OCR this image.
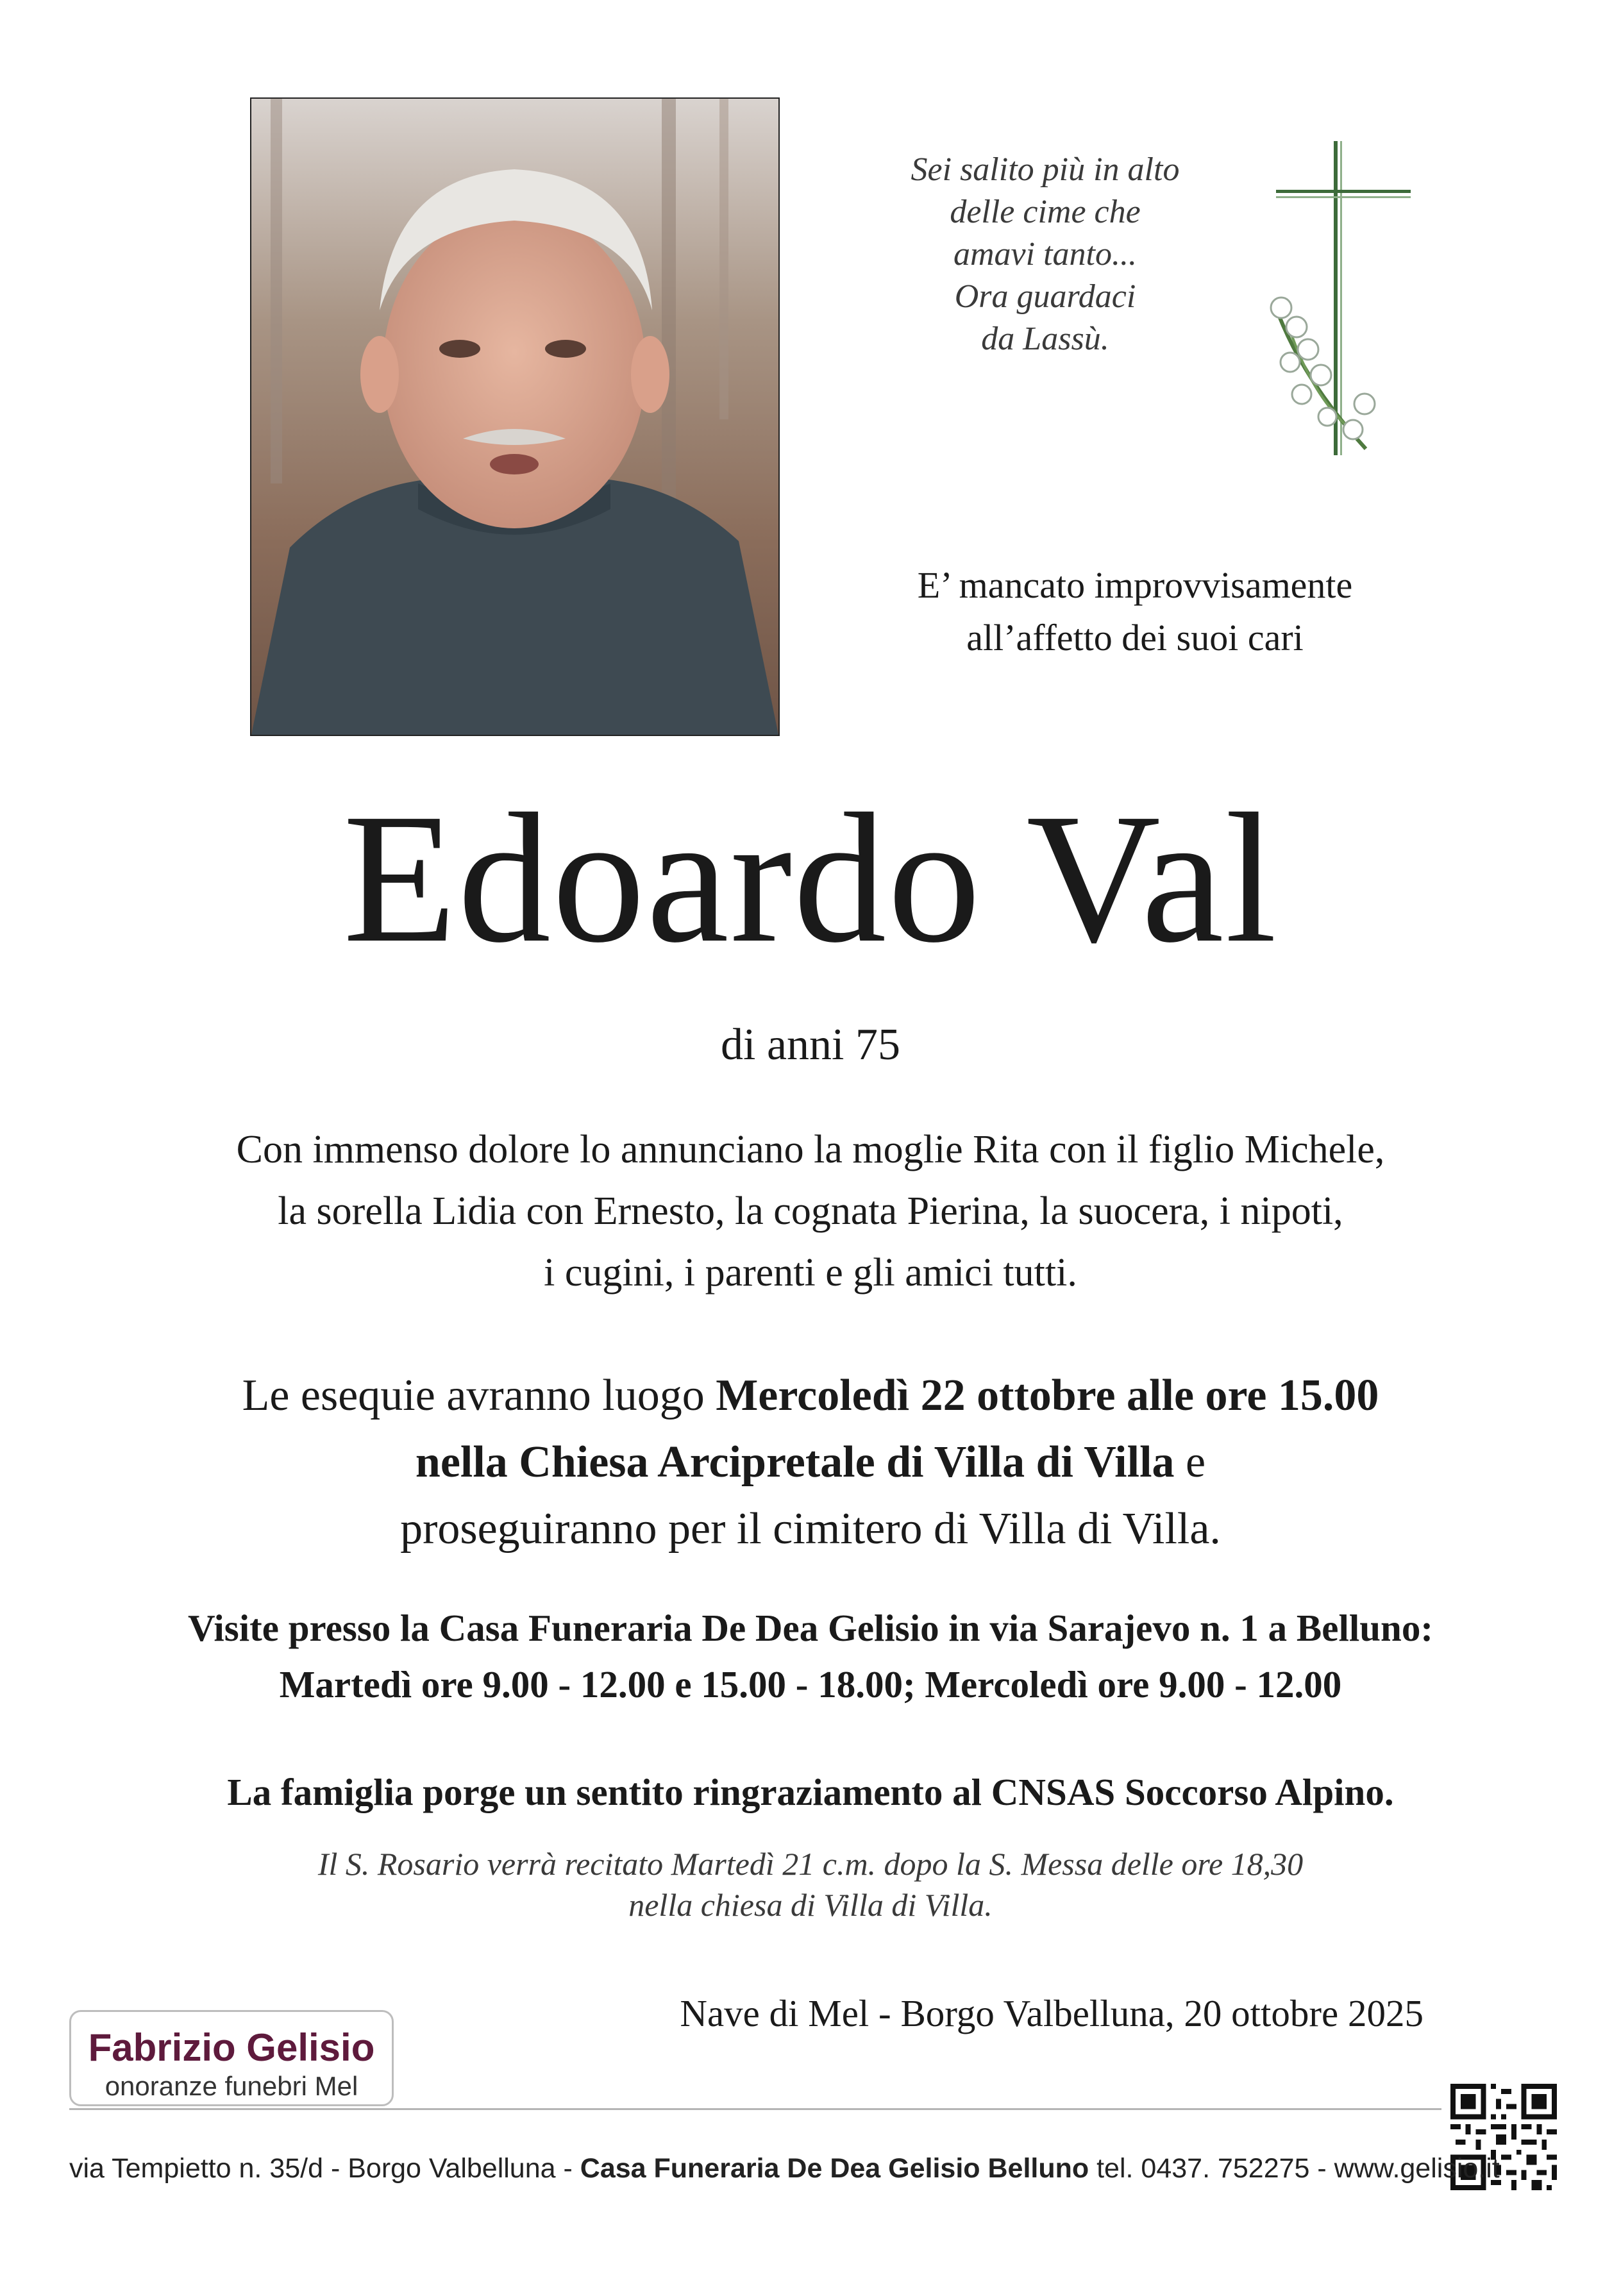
Sei salito più in alto
delle cime che
amavi tanto...
Ora guardaci
da Lassù.
E’ mancato improvvisamente
all’affetto dei suoi cari
Edoardo Val
di anni 75
Con immenso dolore lo annunciano la moglie Rita con il figlio Michele,
la sorella Lidia con Ernesto, la cognata Pierina, la suocera, i nipoti,
i cugini, i parenti e gli amici tutti.
Le esequie avranno luogo Mercoledì 22 ottobre alle ore 15.00
nella Chiesa Arcipretale di Villa di Villa e
proseguiranno per il cimitero di Villa di Villa.
Visite presso la Casa Funeraria De Dea Gelisio in via Sarajevo n. 1 a Belluno:
Martedì ore 9.00 - 12.00 e 15.00 - 18.00; Mercoledì ore 9.00 - 12.00
La famiglia porge un sentito ringraziamento al CNSAS Soccorso Alpino.
Il S. Rosario verrà recitato Martedì 21 c.m. dopo la S. Messa delle ore 18,30
nella chiesa di Villa di Villa.
Nave di Mel - Borgo Valbelluna, 20 ottobre 2025
Fabrizio Gelisio
onoranze funebri Mel
via Tempietto n. 35/d - Borgo Valbelluna - Casa Funeraria De Dea Gelisio Belluno tel. 0437. 752275 - www.gelisio.it
